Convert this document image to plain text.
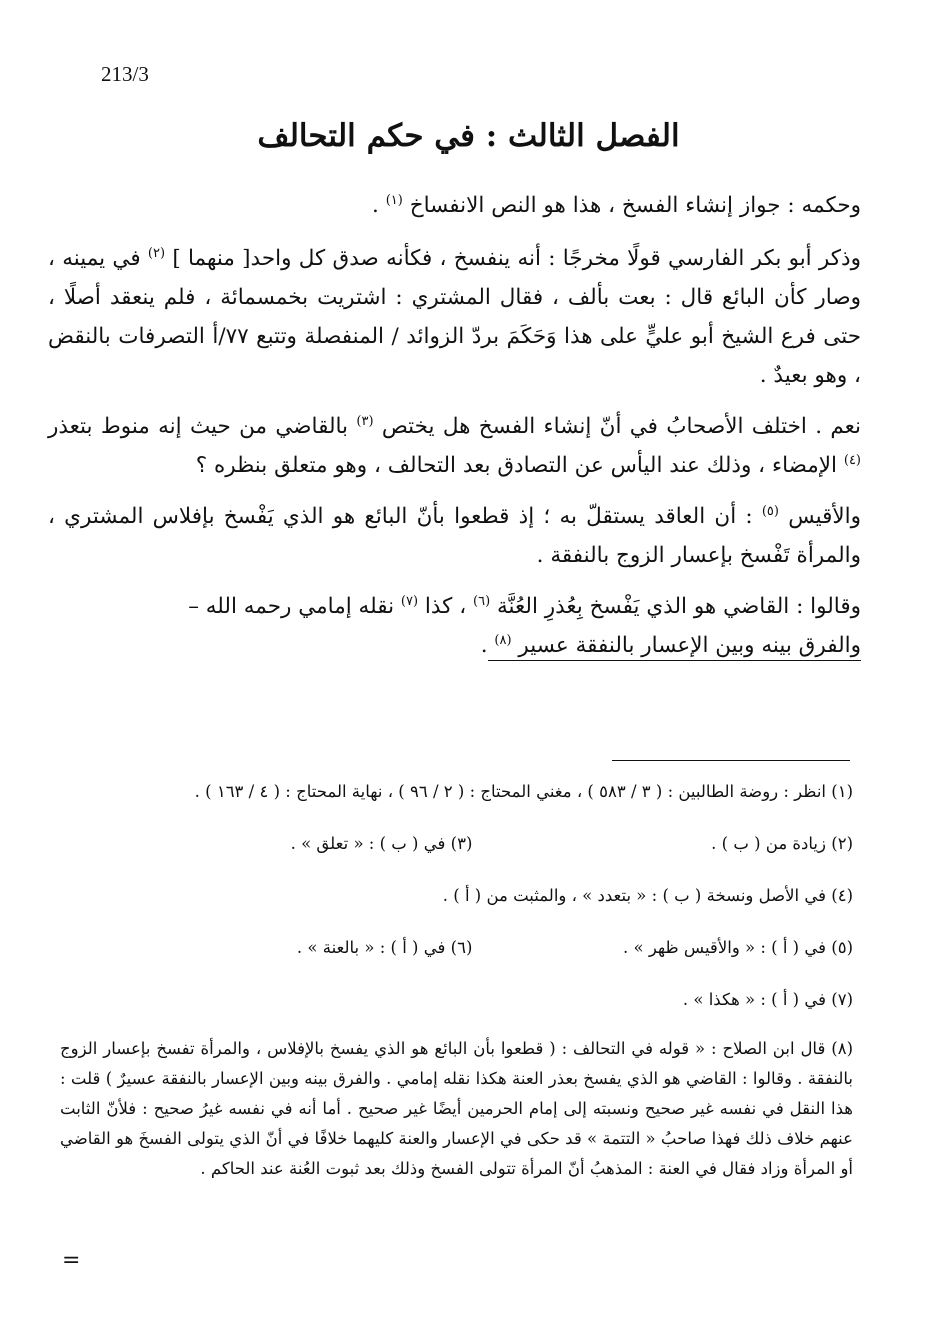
213/3
الفصل الثالث : في حكم التحالف

وحكمه : جواز إنشاء الفسخ ، هذا هو النص الانفساخ $^{(١)}$ .

وذكر أبو بكر الفارسي قولًا مخرجًا : أنه ينفسخ ، فكأنه صدق كل واحد[ منهما ] $^{(٢)}$ في يمينه ، وصار كأن البائع قال : بعت بألف ، فقال المشتري : اشتريت بخمسمائة ، فلم ينعقد أصلًا ، حتى فرع الشيخ أبو عليٍّ على هذا وَحَكَمَ بردّ الزوائد / المنفصلة وتتبع ٧٧/أ التصرفات بالنقض ، وهو بعيدٌ .

نعم . اختلف الأصحابُ في أنّ إنشاء الفسخ هل يختص $^{(٣)}$ بالقاضي من حيث إنه منوط بتعذر $^{(٤)}$ الإمضاء ، وذلك عند اليأس عن التصادق بعد التحالف ، وهو متعلق بنظره ؟

والأقيس $^{(٥)}$ : أن العاقد يستقلّ به ؛ إذ قطعوا بأنّ البائع هو الذي يَفْسخ بإفلاس المشتري ، والمرأة تَفْسخ بإعسار الزوج بالنفقة .

وقالوا : القاضي هو الذي يَفْسخ بِعُذرِ العُنَّة $^{(٦)}$ ، كذا $^{(٧)}$ نقله إمامي رحمه الله –
والفرق بينه وبين الإعسار بالنفقة عسير $^{(٨)}$ .

(١) انظر : روضة الطالبين : ( ٣ / ٥٨٣ ) ، مغني المحتاج : ( ٢ / ٩٦ ) ، نهاية المحتاج : ( ٤ / ١٦٣ ) .
(٢) زيادة من ( ب ) .
(٣) في ( ب ) : « تعلق » .
(٤) في الأصل ونسخة ( ب ) : « بتعدد » ، والمثبت من ( أ ) .
(٥) في ( أ ) : « والأقيس ظهر » .
(٦) في ( أ ) : « بالعنة » .
(٧) في ( أ ) : « هكذا » .
(٨) قال ابن الصلاح : « قوله في التحالف : ( قطعوا بأن البائع هو الذي يفسخ بالإفلاس ، والمرأة تفسخ بإعسار الزوج بالنفقة . وقالوا : القاضي هو الذي يفسخ بعذر العنة هكذا نقله إمامي . والفرق بينه وبين الإعسار بالنفقة عسيرٌ ) قلت : هذا النقل في نفسه غير صحيح ونسبته إلى إمام الحرمين أيضًا غير صحيح . أما أنه في نفسه غيرُ صحيح : فلأنّ الثابت عنهم خلاف ذلك فهذا صاحبُ « التتمة » قد حكى في الإعسار والعنة كليهما خلافًا في أنّ الذي يتولى الفسخَ هو القاضي أو المرأة وزاد فقال في العنة : المذهبُ أنّ المرأة تتولى الفسخ وذلك بعد ثبوت العُنة عند الحاكم .
=
